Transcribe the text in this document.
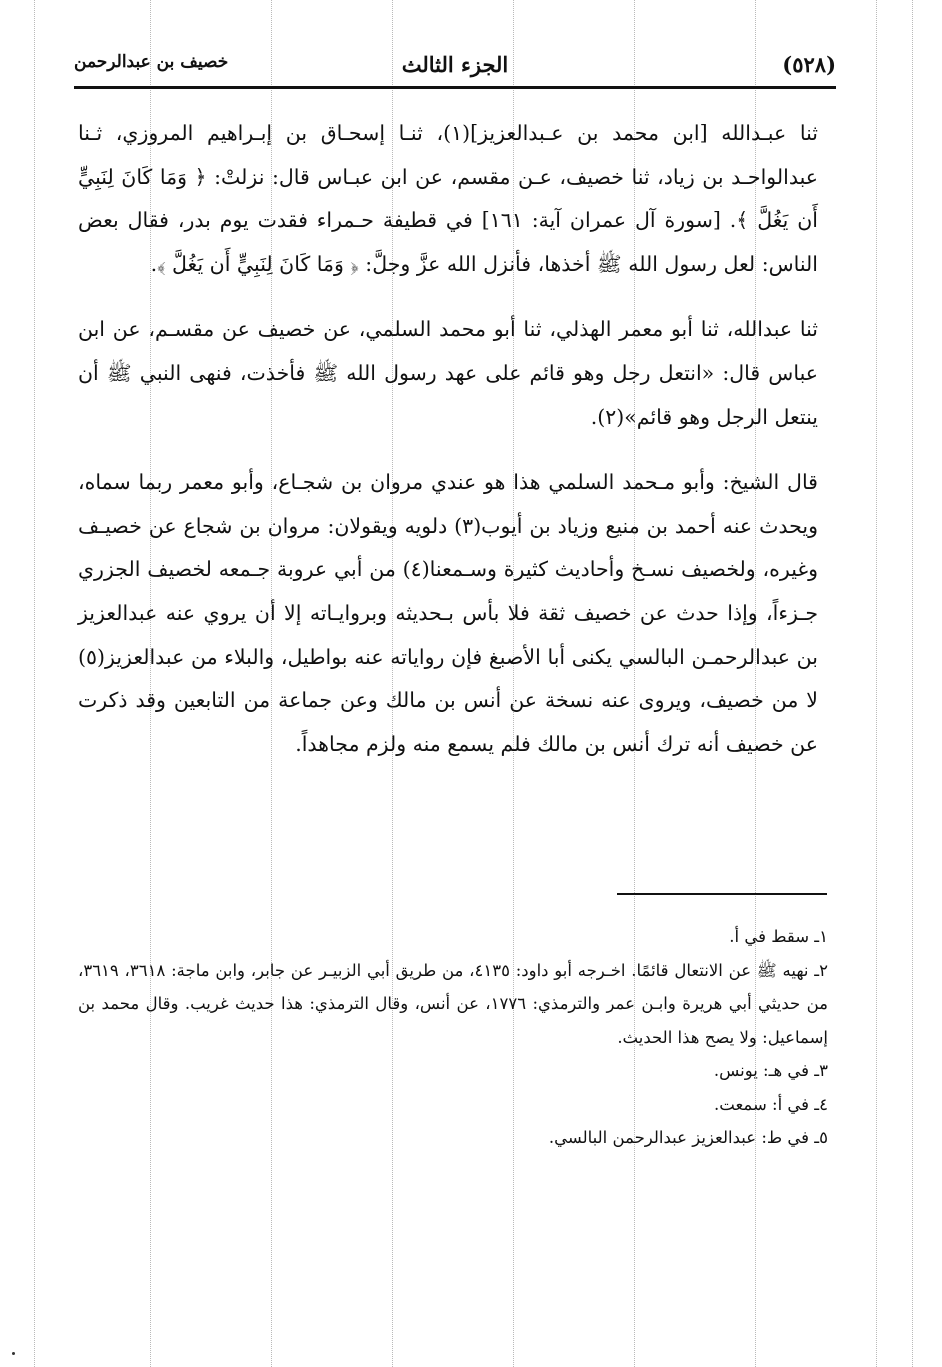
(٥٢٨)
الجزء الثالث
خصيف بن عبدالرحمن

ثنا عبـدالله [ابن محمد بن عـبدالعزيز](١)، ثنـا إسحـاق بن إبـراهيم المروزي، ثـنا عبدالواحـد بن زياد، ثنا خصيف، عـن مقسم، عن ابن عبـاس قال: نزلتْ: ﴿ وَمَا كَانَ لِنَبِيٍّ أَن يَغُلَّ ﴾. [سورة آل عمران آية: ١٦١] في قطيفة حـمراء فقدت يوم بدر، فقال بعض الناس: لعل رسول الله ﷺ أخذها، فأنزل الله عزَّ وجلَّ: ﴿ وَمَا كَانَ لِنَبِيٍّ أَن يَغُلَّ ﴾.

ثنا عبدالله، ثنا أبو معمر الهذلي، ثنا أبو محمد السلمي، عن خصيف عن مقسـم، عن ابن عباس قال: «انتعل رجل وهو قائم على عهد رسول الله ﷺ فأخذت، فنهى النبي ﷺ أن ينتعل الرجل وهو قائم»(٢).

قال الشيخ: وأبو مـحمد السلمي هذا هو عندي مروان بن شجـاع، وأبو معمر ربما سماه، ويحدث عنه أحمد بن منيع وزياد بن أيوب(٣) دلويه ويقولان: مروان بن شجاع عن خصيـف وغيره، ولخصيف نسـخ وأحاديث كثيرة وسـمعنا(٤) من أبي عروبة جـمعه لخصيف الجزري جـزءاً، وإذا حدث عن خصيف ثقة فلا بأس بـحديثه وبروايـاته إلا أن يروي عنه عبدالعزيز بن عبدالرحمـن البالسي يكنى أبا الأصبغ فإن رواياته عنه بواطيل، والبلاء من عبدالعزيز(٥) لا من خصيف، ويروى عنه نسخة عن أنس بن مالك وعن جماعة من التابعين وقد ذكرت عن خصيف أنه ترك أنس بن مالك فلم يسمع منه ولزم مجاهداً.

١ـ سقط في أ.
٢ـ نهيه ﷺ عن الانتعال قائمًا. اخـرجه أبو داود: ٤١٣٥، من طريق أبي الزبيـر عن جابر، وابن ماجة: ٣٦١٨، ٣٦١٩، من حديثي أبي هريرة وابـن عمر والترمذي: ١٧٧٦، عن أنس، وقال الترمذي: هذا حديث غريب. وقال محمد بن إسماعيل: ولا يصح هذا الحديث.
٣ـ في هـ: يونس.
٤ـ في أ: سمعت.
٥ـ في ط: عبدالعزيز عبدالرحمن البالسي.
